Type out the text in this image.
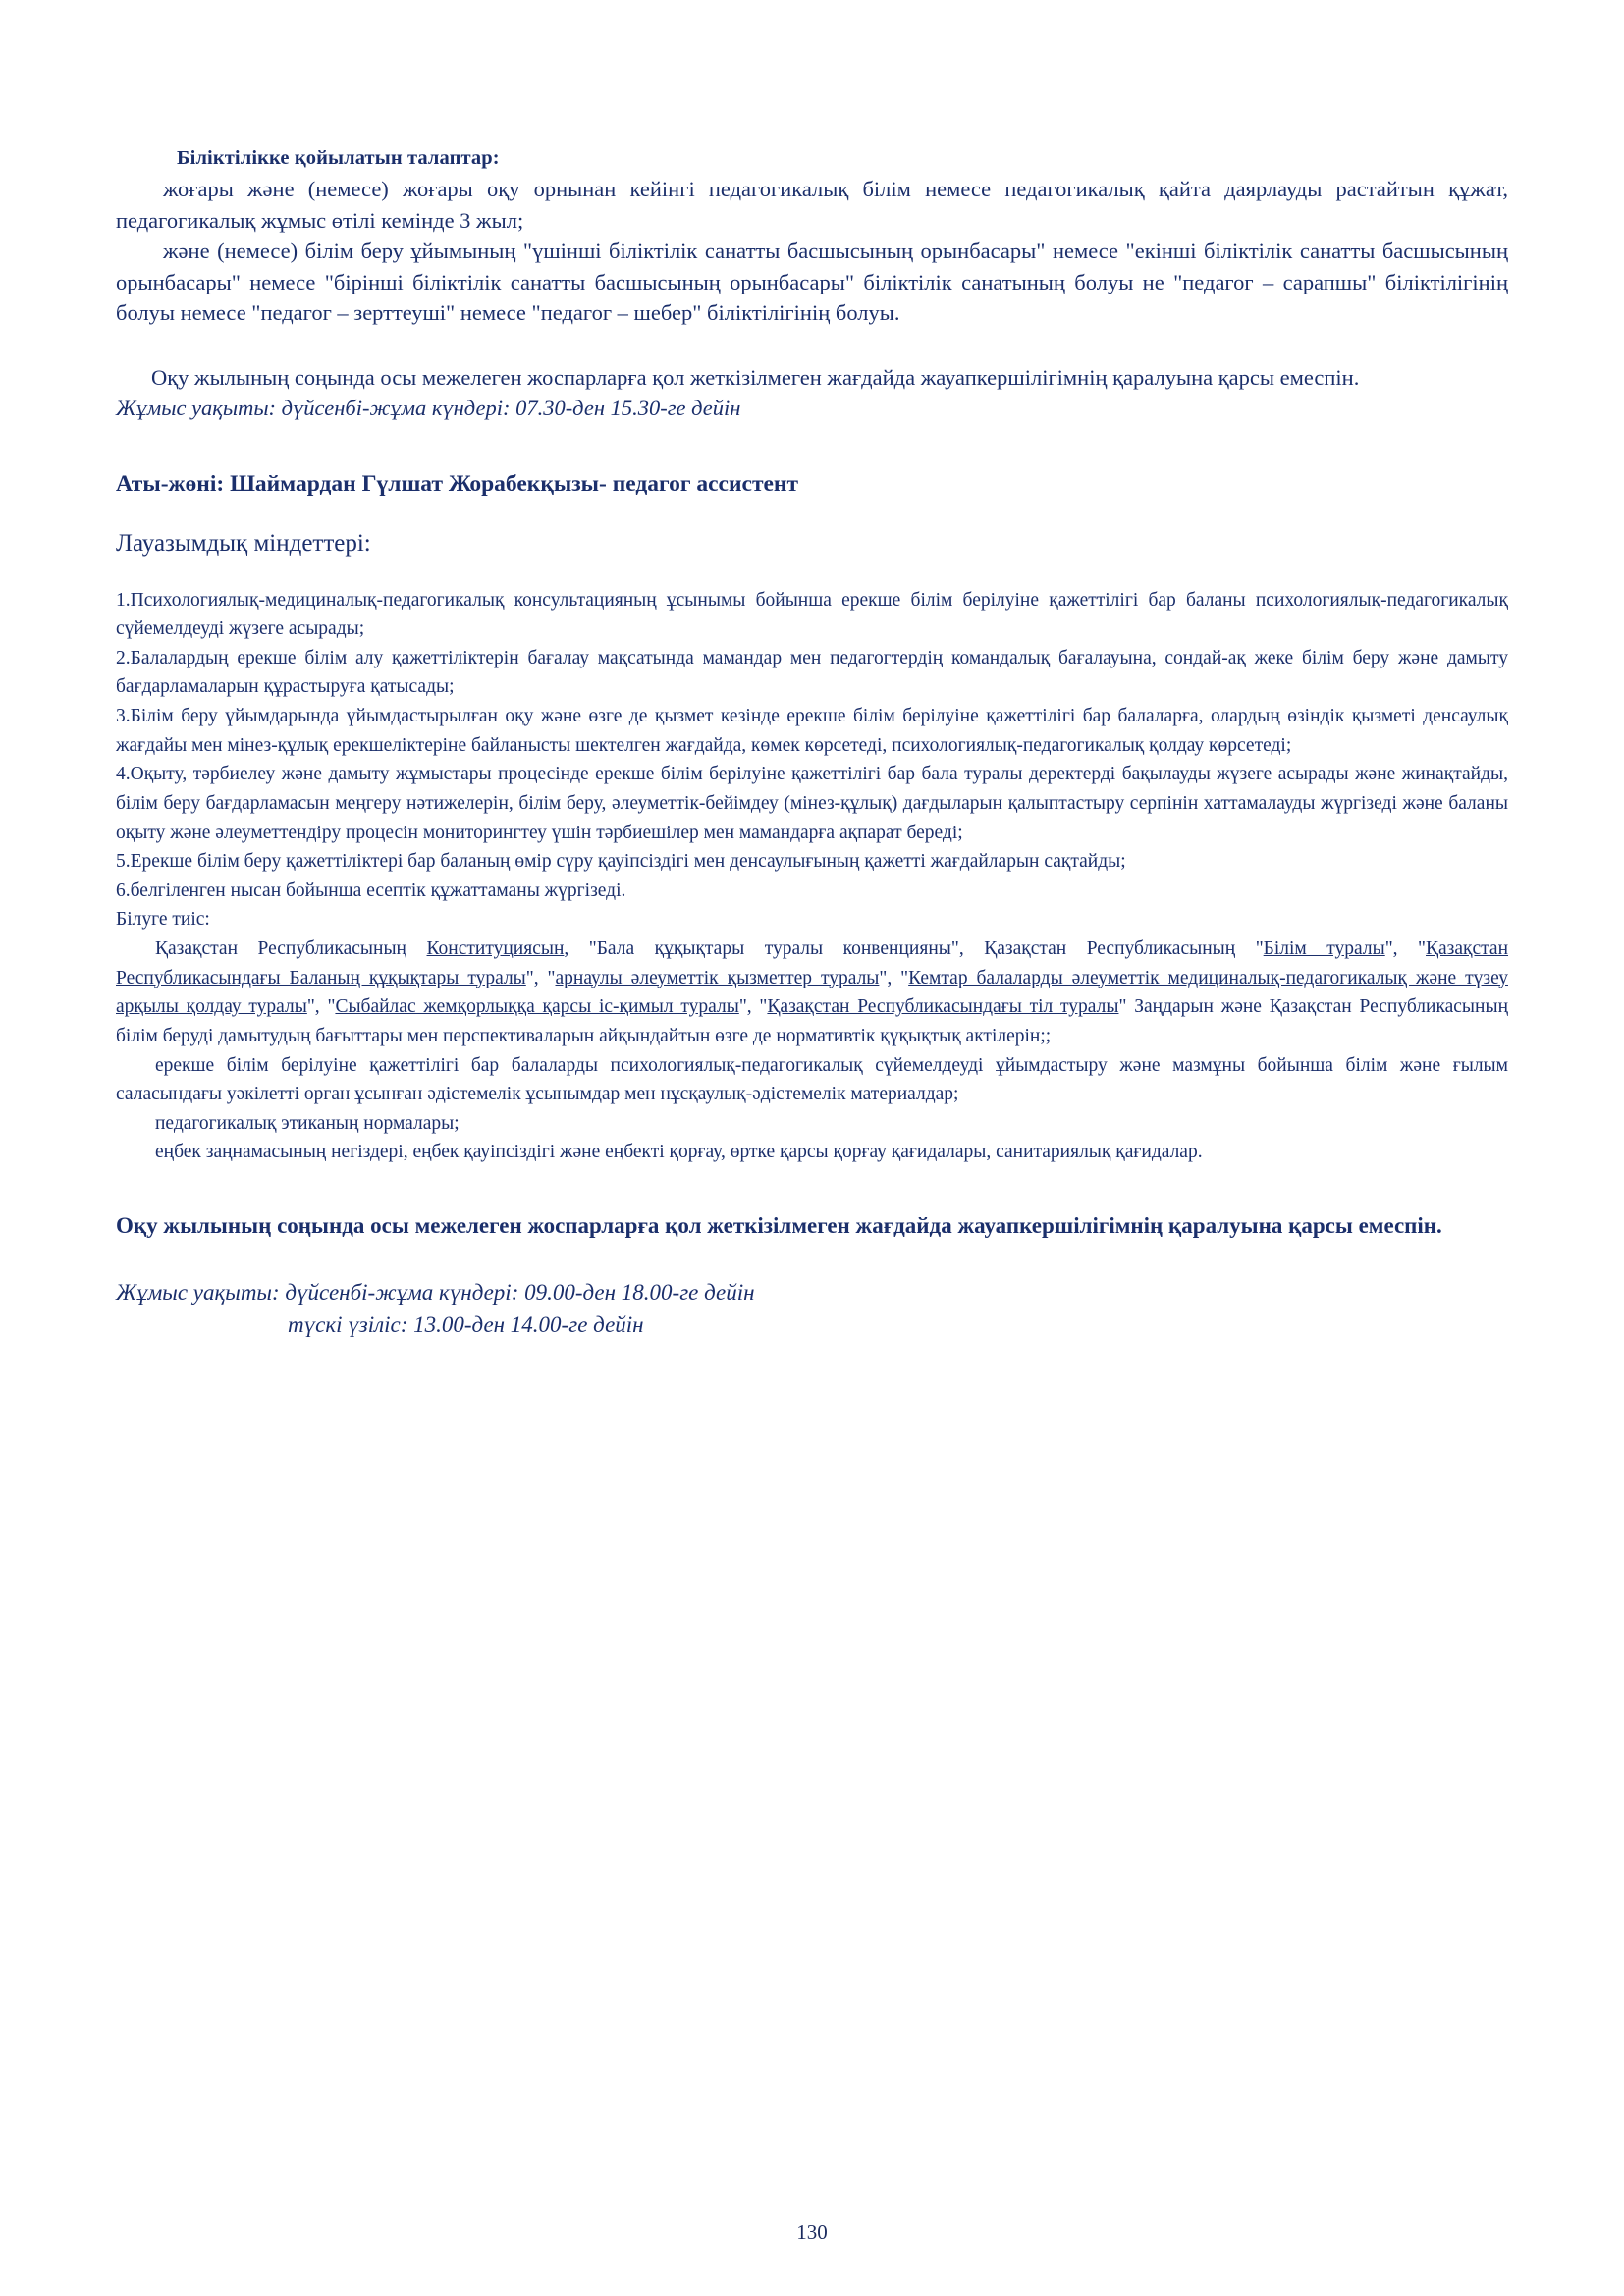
Біліктілікке қойылатын талаптар:

жоғары және (немесе) жоғары оқу орнынан кейінгі педагогикалық білім немесе педагогикалық қайта даярлауды растайтын құжат, педагогикалық жұмыс өтілі кемінде 3 жыл;

және (немесе) білім беру ұйымының "үшінші біліктілік санатты басшысының орынбасары" немесе "екінші біліктілік санатты басшысының орынбасары" немесе "бірінші біліктілік санатты басшысының орынбасары" біліктілік санатының болуы не "педагог – сарапшы" біліктілігінің болуы немесе "педагог – зерттеуші" немесе "педагог – шебер" біліктілігінің болуы.

Оқу жылының соңында осы межелеген жоспарларға қол жеткізілмеген жағдайда жауапкершілігімнің қаралуына қарсы емеспін.

Жұмыс уақыты: дүйсенбі-жұма күндері: 07.30-ден 15.30-ге дейін

Аты-жөні: Шаймардан Гүлшат Жорабекқызы- педагог ассистент

Лауазымдық міндеттері:

1.Психологиялық-медициналық-педагогикалық консультацияның ұсынымы бойынша ерекше білім берілуіне қажеттілігі бар баланы психологиялық-педагогикалық сүйемелдеуді жүзеге асырады;

2.Балалардың ерекше білім алу қажеттіліктерін бағалау мақсатында мамандар мен педагогтердің командалық бағалауына, сондай-ақ жеке білім беру және дамыту бағдарламаларын құрастыруға қатысады;

3.Білім беру ұйымдарында ұйымдастырылған оқу және өзге де қызмет кезінде ерекше білім берілуіне қажеттілігі бар балаларға, олардың өзіндік қызметі денсаулық жағдайы мен мінез-құлық ерекшеліктеріне байланысты шектелген жағдайда, көмек көрсетеді, психологиялық-педагогикалық қолдау көрсетеді;

4.Оқыту, тәрбиелеу және дамыту жұмыстары процесінде ерекше білім берілуіне қажеттілігі бар бала туралы деректерді бақылауды жүзеге асырады және жинақтайды, білім беру бағдарламасын меңгеру нәтижелерін, білім беру, әлеуметтік-бейімдеу (мінез-құлық) дағдыларын қалыптастыру серпінін хаттамалауды жүргізеді және баланы оқыту және әлеуметтендіру процесін мониторингтеу үшін тәрбиешілер мен мамандарға ақпарат береді;

5.Ерекше білім беру қажеттіліктері бар баланың өмір сүру қауіпсіздігі мен денсаулығының қажетті жағдайларын сақтайды;

6.белгіленген нысан бойынша есептік құжаттаманы жүргізеді.

Білуге тиіс:

Қазақстан Республикасының Конституциясын, "Бала құқықтары туралы конвенцияны", Қазақстан Республикасының "Білім туралы", "Қазақстан Республикасындағы Баланың құқықтары туралы", "арнаулы әлеуметтік қызметтер туралы", "Кемтар балаларды әлеуметтік медициналық-педагогикалық және түзеу арқылы қолдау туралы", "Сыбайлас жемқорлыққа қарсы іс-қимыл туралы", "Қазақстан Республикасындағы тіл туралы" Заңдарын және Қазақстан Республикасының білім беруді дамытудың бағыттары мен перспективаларын айқындайтын өзге де нормативтік құқықтық актілерін;;

ерекше білім берілуіне қажеттілігі бар балаларды психологиялық-педагогикалық сүйемелдеуді ұйымдастыру және мазмұны бойынша білім және ғылым саласындағы уәкілетті орган ұсынған әдістемелік ұсынымдар мен нұсқаулық-әдістемелік материалдар;

педагогикалық этиканың нормалары;

еңбек заңнамасының негіздері, еңбек қауіпсіздігі және еңбекті қорғау, өртке қарсы қорғау қағидалары, санитариялық қағидалар.

Оқу жылының соңында осы межелеген жоспарларға қол жеткізілмеген жағдайда жауапкершілігімнің қаралуына қарсы емеспін.

Жұмыс уақыты: дүйсенбі-жұма күндері: 09.00-ден 18.00-ге дейін
түскі үзіліс: 13.00-ден 14.00-ге дейін
130
